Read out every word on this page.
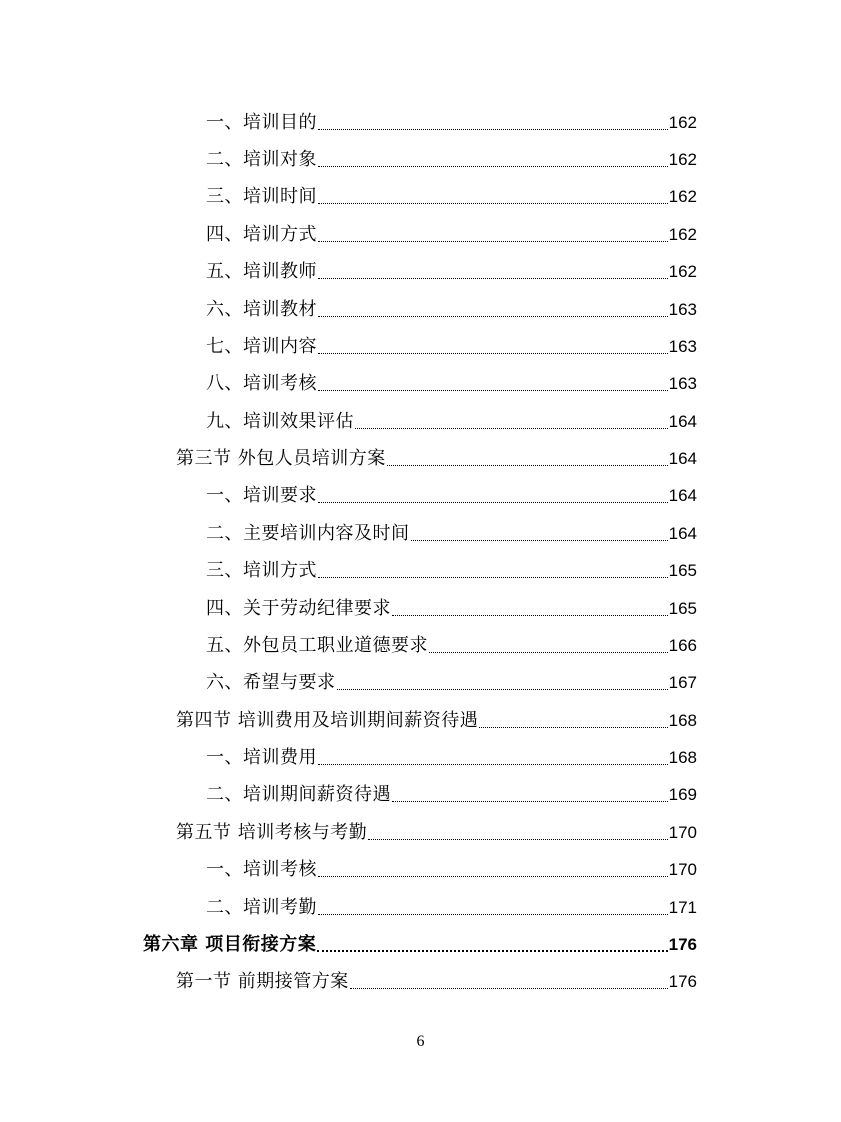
一、培训目的	162
二、培训对象	162
三、培训时间	162
四、培训方式	162
五、培训教师	162
六、培训教材	163
七、培训内容	163
八、培训考核	163
九、培训效果评估	164
第三节 外包人员培训方案	164
一、培训要求	164
二、主要培训内容及时间	164
三、培训方式	165
四、关于劳动纪律要求	165
五、外包员工职业道德要求	166
六、希望与要求	167
第四节 培训费用及培训期间薪资待遇	168
一、培训费用	168
二、培训期间薪资待遇	169
第五节 培训考核与考勤	170
一、培训考核	170
二、培训考勤	171
第六章 项目衔接方案	176
第一节 前期接管方案	176
6
